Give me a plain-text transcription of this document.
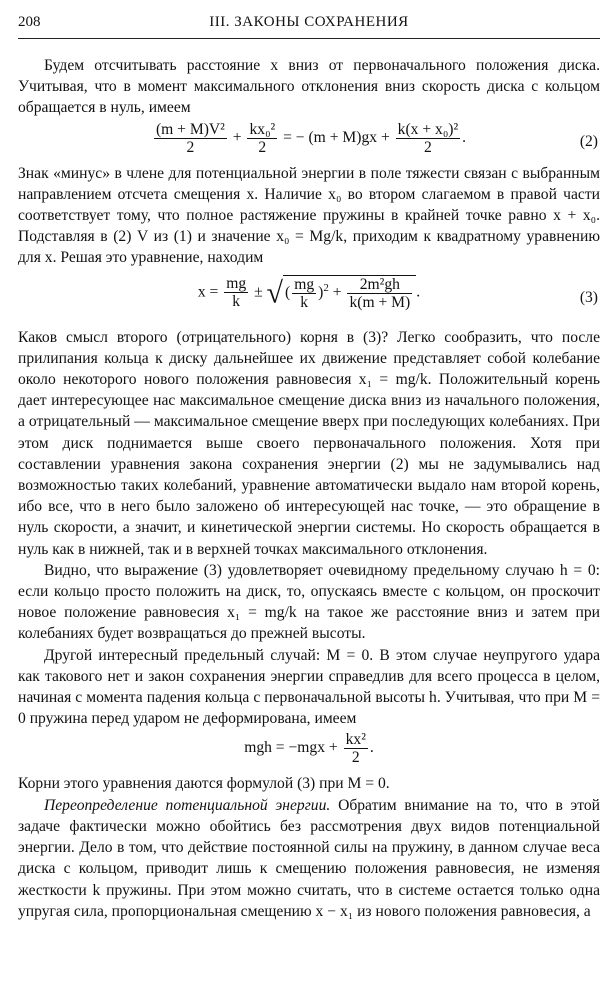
208	III. ЗАКОНЫ СОХРАНЕНИЯ

Будем отсчитывать расстояние x вниз от первоначального положения диска. Учитывая, что в момент максимального отклонения вниз скорость диска с кольцом обращается в нуль, имеем

$\frac{\text{(m + M)V²}}{2} + \frac{\text{kx₀²}}{2}$ = − $(m + M)gx + \frac{\text{k(x + x₀)²}}{2}$ .	(2)

Знак «минус» в члене для потенциальной энергии в поле тяжести связан с выбранным направлением отсчета смещения x. Наличие x₀ во втором слагаемом в правой части соответствует тому, что полное растяжение пружины в крайней точке равно x + x₀. Подставляя в (2) V из (1) и значение x₀ = Mg/k, приходим к квадратному уравнению для x. Решая это уравнение, находим

$x = \frac{mg}{k}$ ± √( $\frac{mg}{k} )^2 + \frac{\text{2m²gh}}{k(m + M)}$ .	(3)

Каков смысл второго (отрицательного) корня в (3)? Легко сообразить, что после прилипания кольца к диску дальнейшее их движение представляет собой колебание около некоторого нового положения равновесия x₁ = mg/k. Положительный корень дает интересующее нас максимальное смещение диска вниз из начального положения, а отрицательный — максимальное смещение вверх при последующих колебаниях. При этом диск поднимается выше своего первоначального положения. Хотя при составлении уравнения закона сохранения энергии (2) мы не задумывались над возможностью таких колебаний, уравнение автоматически выдало нам второй корень, ибо все, что в него было заложено об интересующей нас точке, — это обращение в нуль скорости, а значит, и кинетической энергии системы. Но скорость обращается в нуль как в нижней, так и в верхней точках максимального отклонения.

Видно, что выражение (3) удовлетворяет очевидному предельному случаю h = 0: если кольцо просто положить на диск, то, опускаясь вместе с кольцом, он проскочит новое положение равновесия x₁ = mg/k на такое же расстояние вниз и затем при колебаниях будет возвращаться до прежней высоты.

Другой интересный предельный случай: M = 0. В этом случае неупругого удара как такового нет и закон сохранения энергии справедлив для всего процесса в целом, начиная с момента падения кольца с первоначальной высоты h. Учитывая, что при M = 0 пружина перед ударом не деформирована, имеем

mgh = $-mgx + \frac{\text{kx²}}{2}$ .

Корни этого уравнения даются формулой (3) при M = 0.

Переопределение потенциальной энергии. Обратим внимание на то, что в этой задаче фактически можно обойтись без рассмотрения двух видов потенциальной энергии. Дело в том, что действие постоянной силы на пружину, в данном случае веса диска с кольцом, приводит лишь к смещению положения равновесия, не изменяя жесткости k пружины. При этом можно считать, что в системе остается только одна упругая сила, пропорциональная смещению x − x₁ из нового положения равновесия, а
